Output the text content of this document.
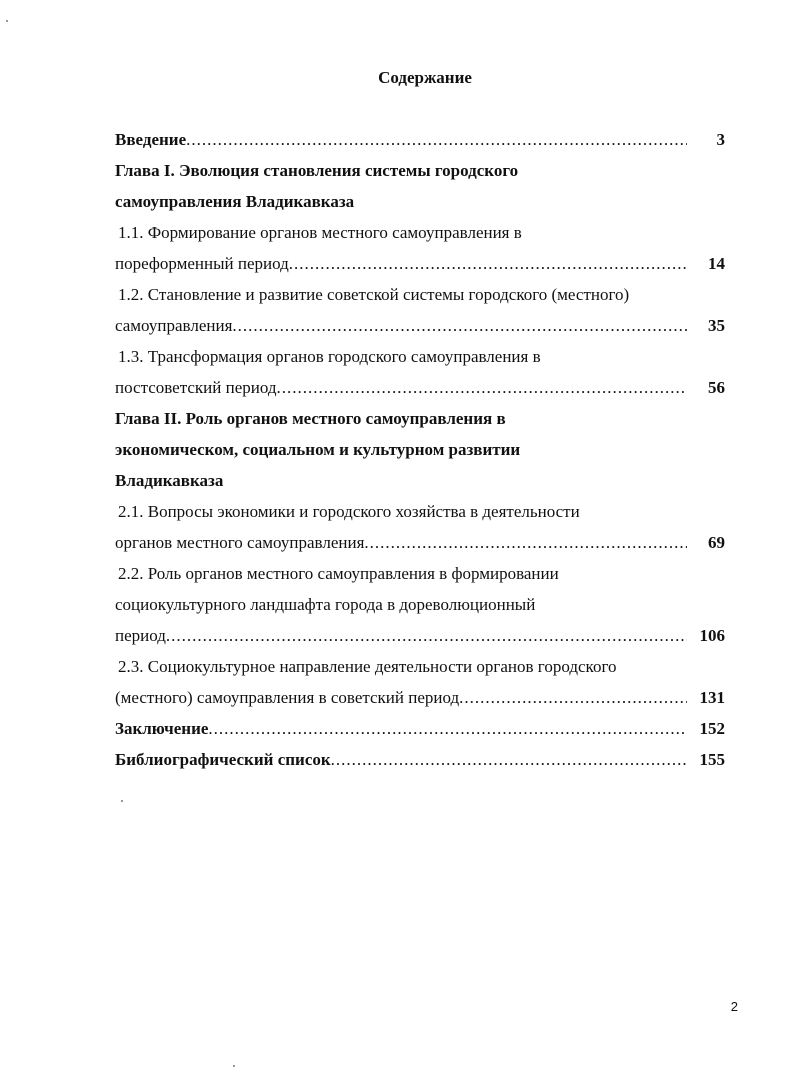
Содержание
Введение .....	3
Глава I. Эволюция становления системы городского
самоуправления Владикавказа
1.1. Формирование органов местного самоуправления в
пореформенный период .....	14
1.2. Становление и развитие советской системы городского (местного)
самоуправления .....	35
1.3. Трансформация органов городского самоуправления в
постсоветский период .....	56
Глава II. Роль органов местного самоуправления в
экономическом, социальном и культурном развитии
Владикавказа
2.1. Вопросы экономики и городского хозяйства в деятельности
органов местного самоуправления .....	69
2.2. Роль органов местного самоуправления в формировании
социокультурного ландшафта города в дореволюционный
период .....	106
2.3. Социокультурное направление деятельности органов городского
(местного) самоуправления в советский период .....	131
Заключение .....	152
Библиографический список .....	155
2
